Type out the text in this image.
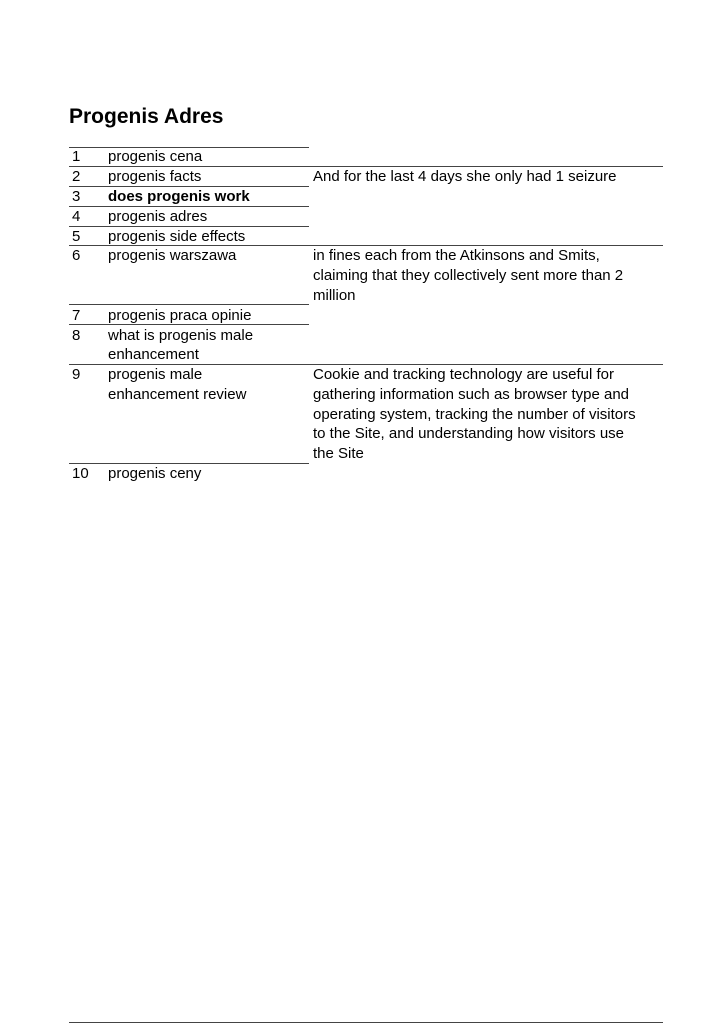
Progenis Adres
1 progenis cena
2 progenis facts
3 does progenis work
4 progenis adres
5 progenis side effects
6 progenis warszawa
7 progenis praca opinie
8 what is progenis male
enhancement
9 progenis male
enhancement review
10 progenis ceny
And for the last 4 days she only had 1 seizure
in fines each from the Atkinsons and Smits,
claiming that they collectively sent more than 2
million
Cookie and tracking technology are useful for
gathering information such as browser type and
operating system, tracking the number of visitors
to the Site, and understanding how visitors use
the Site
